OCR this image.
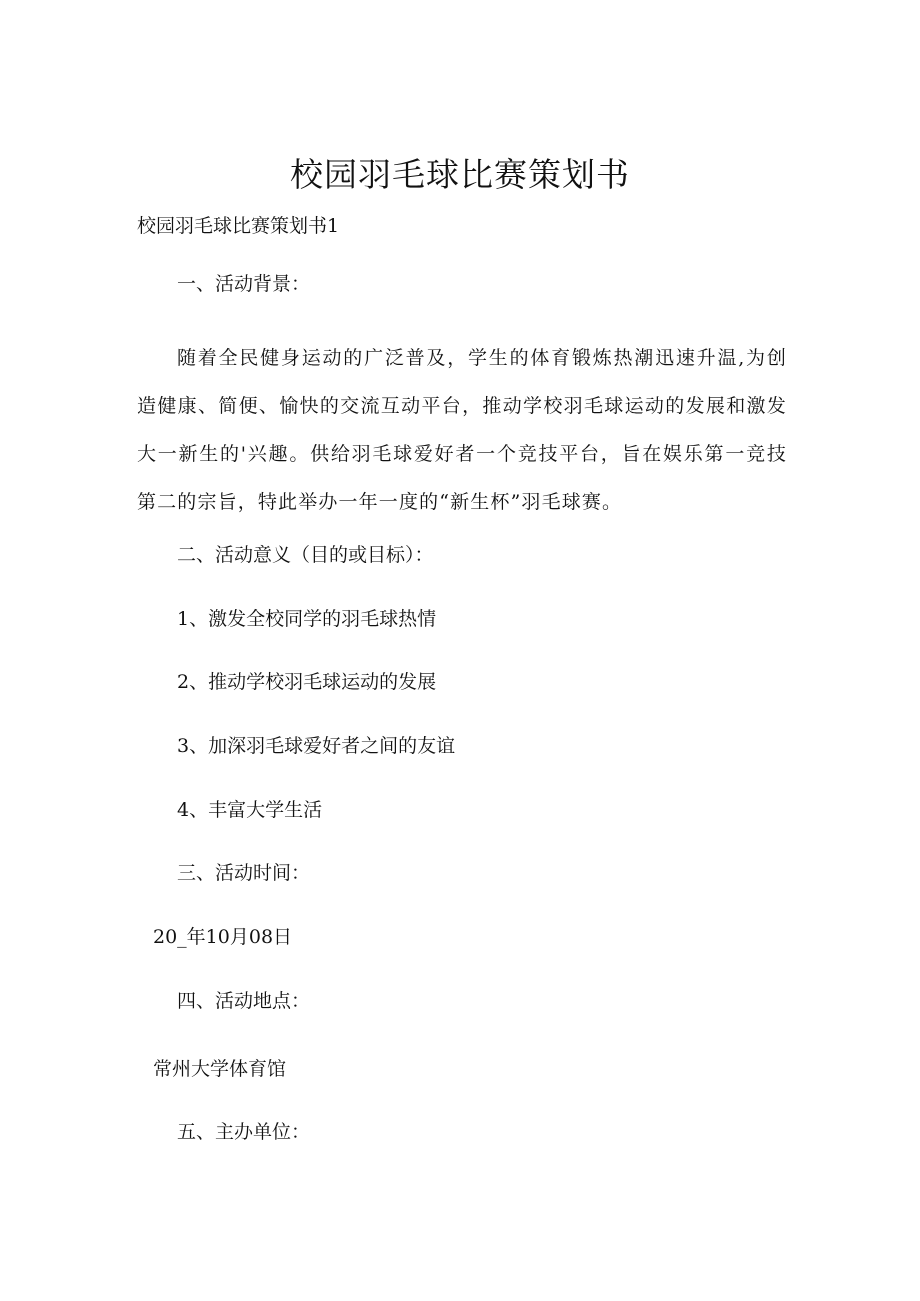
校园羽毛球比赛策划书

校园羽毛球比赛策划书1

一、活动背景：

随着全民健身运动的广泛普及，学生的体育锻炼热潮迅速升温,为创造健康、简便、愉快的交流互动平台，推动学校羽毛球运动的发展和激发大一新生的'兴趣。供给羽毛球爱好者一个竞技平台，旨在娱乐第一竞技第二的宗旨，特此举办一年一度的“新生杯”羽毛球赛。

二、活动意义（目的或目标）：

1、激发全校同学的羽毛球热情

2、推动学校羽毛球运动的发展

3、加深羽毛球爱好者之间的友谊

4、丰富大学生活

三、活动时间：

20_年10月08日

四、活动地点：

常州大学体育馆

五、主办单位：
